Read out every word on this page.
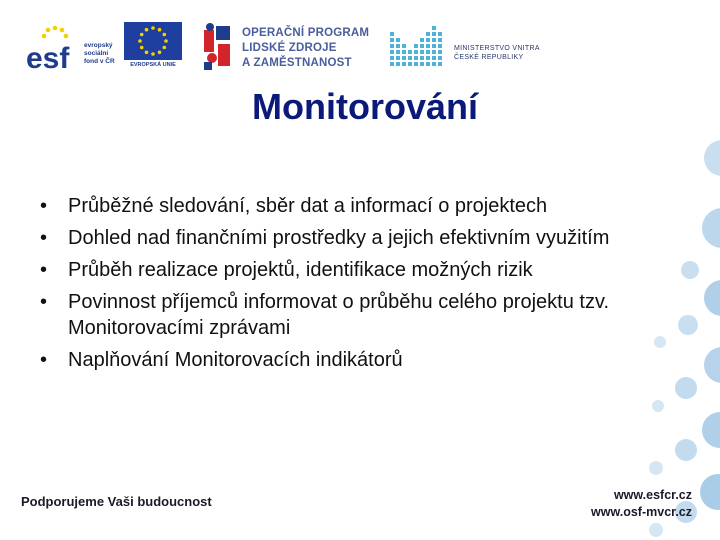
esf evropský
sociální
fond v ČR	EVROPSKÁ UNIE
OPERAČNÍ PROGRAM
LIDSKÉ ZDROJE
A ZAMĚSTNANOST
MINISTERSTVO VNITRA
ČESKÉ REPUBLIKY
Monitorování
• Průběžné sledování, sběr dat a informací o projektech
• Dohled nad finančními prostředky a jejich efektivním využitím
• Průběh realizace projektů, identifikace možných rizik
• Povinnost příjemců informovat o průběhu celého projektu tzv. Monitorovacími zprávami
• Naplňování Monitorovacích indikátorů
Podporujeme Vaši budoucnost	www.esfcr.cz
www.osf-mvcr.cz
